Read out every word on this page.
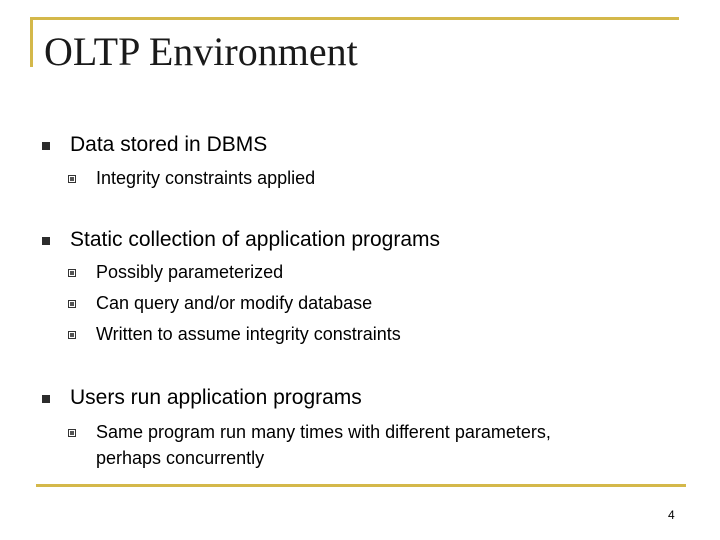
OLTP Environment
Data stored in DBMS
Integrity constraints applied
Static collection of application programs
Possibly parameterized
Can query and/or modify database
Written to assume integrity constraints
Users run application programs
Same program run many times with different parameters,
perhaps concurrently
4
